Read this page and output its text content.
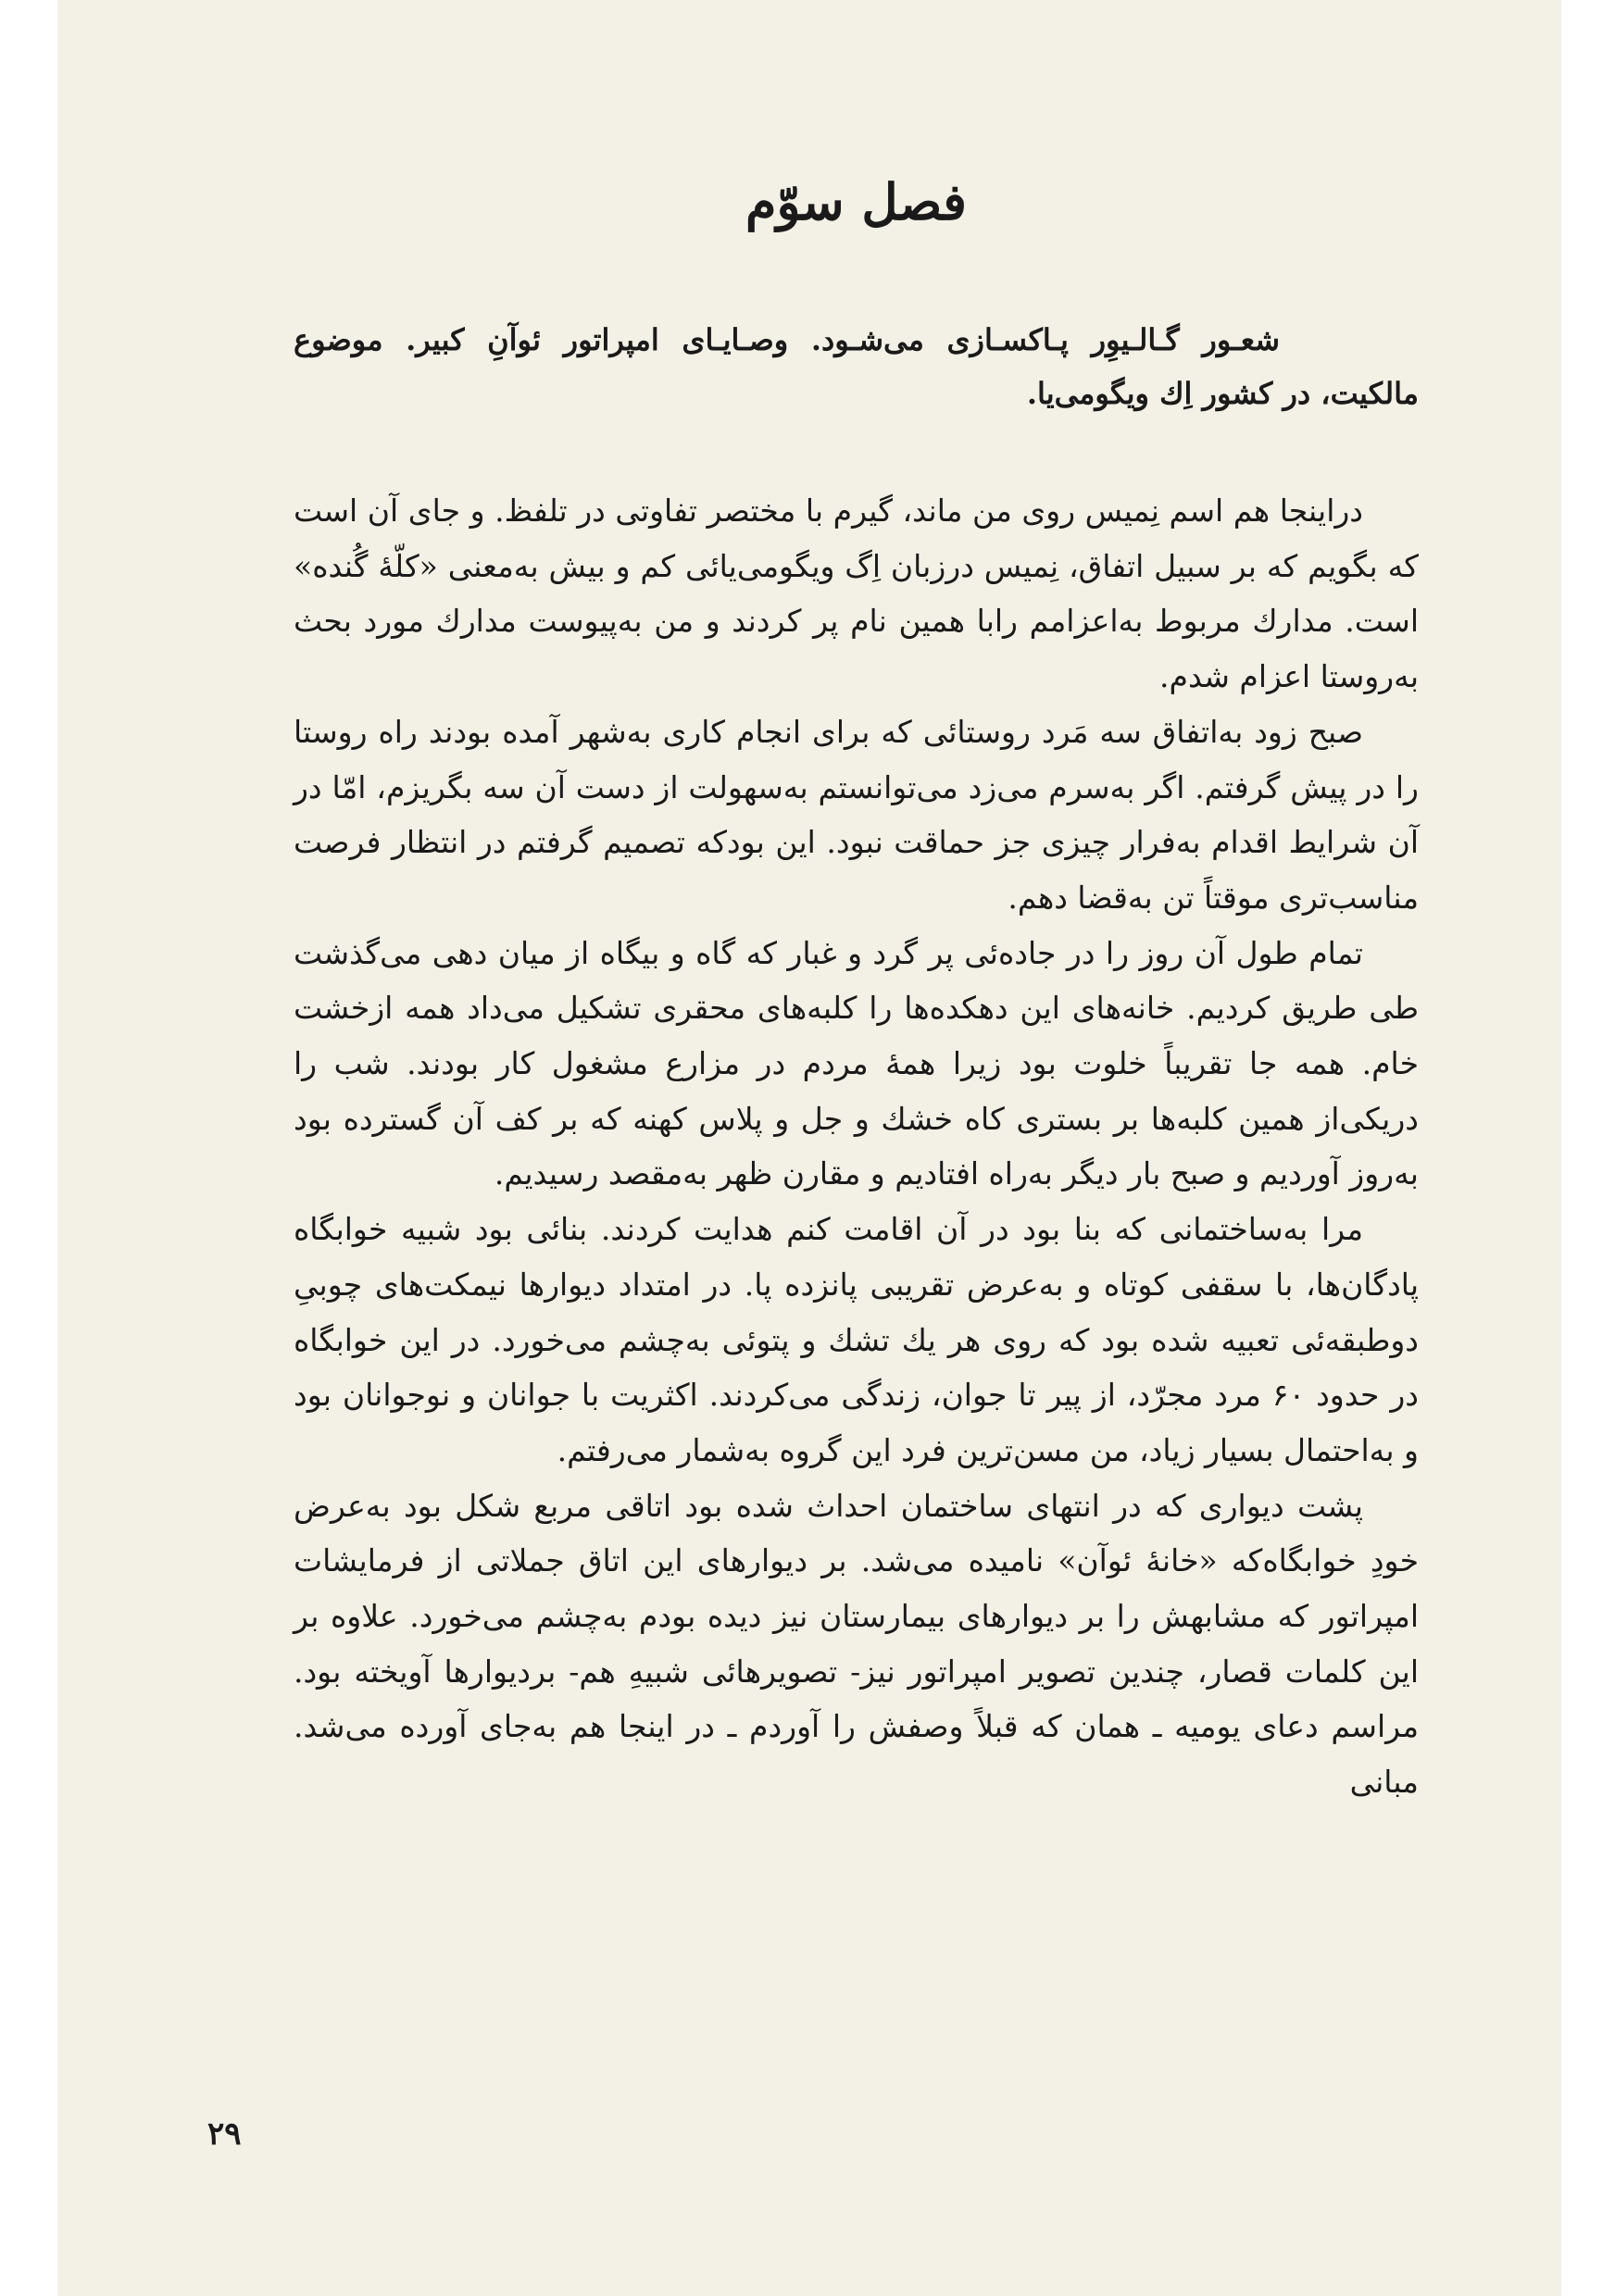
فصل سوّم
شعـور گـالـیوِر پـاکسـازی می‌شـود. وصـایـای امپراتور ئوآنِ کبیر. موضوع مالکیت، در کشور اِك ویگومی‌یا.

دراینجا هم اسم نِمیس روی من ماند، گیرم با مختصر تفاوتی در تلفظ. و جای آن است که بگویم که بر سبیل اتفاق، نِمیس درزبان اِگ ویگومی‌یائی کم و بیش به‌معنی «کلّهٔ گُنده» است. مدارك مربوط به‌اعزامم رابا همین نام پر کردند و من به‌پیوست مدارك مورد بحث به‌روستا اعزام شدم.

صبح زود به‌اتفاق سه مَرد روستائی که برای انجام کاری به‌شهر آمده بودند راه روستا را در پیش گرفتم. اگر به‌سرم می‌زد می‌توانستم به‌سهولت از دست آن سه بگریزم، امّا در آن شرایط اقدام به‌فرار چیزی جز حماقت نبود. این بودکه تصمیم گرفتم در انتظار فرصت مناسب‌تری موقتاً تن به‌قضا دهم.

تمام طول آن روز را در جاده‌ئی پر گرد و غبار که گاه و بیگاه از میان دهی می‌گذشت طی طریق کردیم. خانه‌های این دهکده‌ها را کلبه‌های محقری تشکیل می‌داد همه ازخشت خام. همه جا تقریباً خلوت بود زیرا همهٔ مردم در مزارع مشغول کار بودند. شب را دریکی‌از همین کلبه‌ها بر بستری کاه خشك و جل و پلاس کهنه که بر کف آن گسترده بود به‌روز آوردیم و صبح بار دیگر به‌راه افتادیم و مقارن ظهر به‌مقصد رسیدیم.

مرا به‌ساختمانی که بنا بود در آن اقامت کنم هدایت کردند. بنائی بود شبیه خوابگاه پادگان‌ها، با سقفی کوتاه و به‌عرض تقریبی پانزده پا. در امتداد دیوارها نیمکت‌های چوبیِ دوطبقه‌ئی تعبیه شده بود که روی هر یك تشك و پتوئی به‌چشم می‌خورد. در این خوابگاه در حدود ۶۰ مرد مجرّد، از پیر تا جوان، زندگی می‌کردند. اکثریت با جوانان و نوجوانان بود و به‌احتمال بسیار زیاد، من مسن‌ترین فرد این گروه به‌شمار می‌رفتم.

پشت دیواری که در انتهای ساختمان احداث شده بود اتاقی مربع شکل بود به‌عرض خودِ خوابگاه‌که «خانهٔ ئوآن» نامیده می‌شد. بر دیوارهای این اتاق جملاتی از فرمایشات امپراتور که مشابهش را بر دیوارهای بیمارستان نیز دیده بودم به‌چشم می‌خورد. علاوه بر این کلمات قصار، چندین تصویر امپراتور نیز- تصویرهائی شبیهِ هم- بردیوارها آویخته بود. مراسم دعای یومیه ـ همان که قبلاً وصفش را آوردم ـ در اینجا هم به‌جای آورده می‌شد. مبانی

۲۹
